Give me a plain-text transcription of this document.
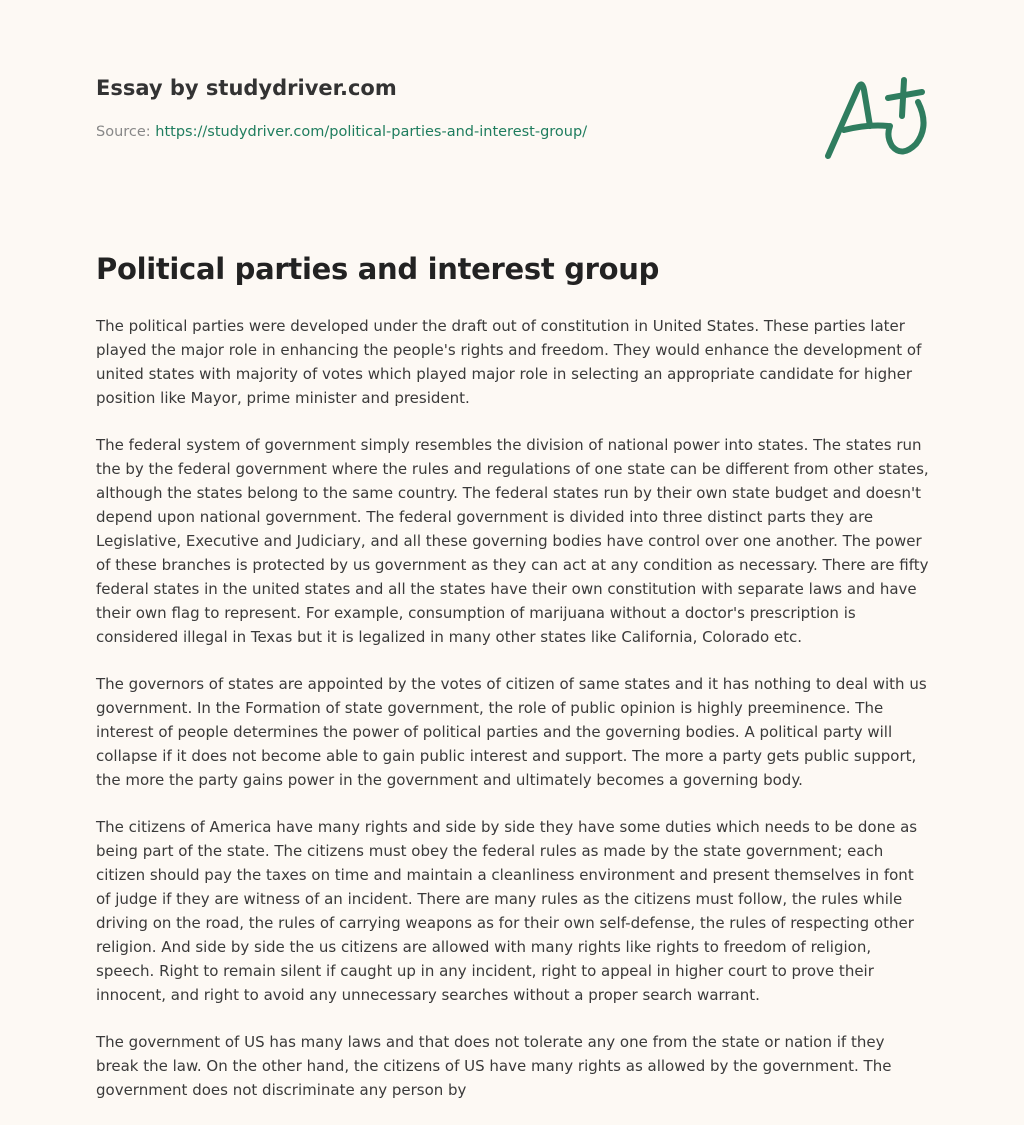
Essay by studydriver.com
Source: https://studydriver.com/political-parties-and-interest-group/
Political parties and interest group

The political parties were developed under the draft out of constitution in United States. These parties later played the major role in enhancing the people's rights and freedom. They would enhance the development of united states with majority of votes which played major role in selecting an appropriate candidate for higher position like Mayor, prime minister and president.

The federal system of government simply resembles the division of national power into states. The states run the by the federal government where the rules and regulations of one state can be different from other states, although the states belong to the same country. The federal states run by their own state budget and doesn't depend upon national government. The federal government is divided into three distinct parts they are Legislative, Executive and Judiciary, and all these governing bodies have control over one another. The power of these branches is protected by us government as they can act at any condition as necessary. There are fifty federal states in the united states and all the states have their own constitution with separate laws and have their own flag to represent. For example, consumption of marijuana without a doctor's prescription is considered illegal in Texas but it is legalized in many other states like California, Colorado etc.

The governors of states are appointed by the votes of citizen of same states and it has nothing to deal with us government. In the Formation of state government, the role of public opinion is highly preeminence. The interest of people determines the power of political parties and the governing bodies. A political party will collapse if it does not become able to gain public interest and support. The more a party gets public support, the more the party gains power in the government and ultimately becomes a governing body.

The citizens of America have many rights and side by side they have some duties which needs to be done as being part of the state. The citizens must obey the federal rules as made by the state government; each citizen should pay the taxes on time and maintain a cleanliness environment and present themselves in font of judge if they are witness of an incident. There are many rules as the citizens must follow, the rules while driving on the road, the rules of carrying weapons as for their own self-defense, the rules of respecting other religion. And side by side the us citizens are allowed with many rights like rights to freedom of religion, speech. Right to remain silent if caught up in any incident, right to appeal in higher court to prove their innocent, and right to avoid any unnecessary searches without a proper search warrant.

The government of US has many laws and that does not tolerate any one from the state or nation if they break the law. On the other hand, the citizens of US have many rights as allowed by the government. The government does not discriminate any person by
